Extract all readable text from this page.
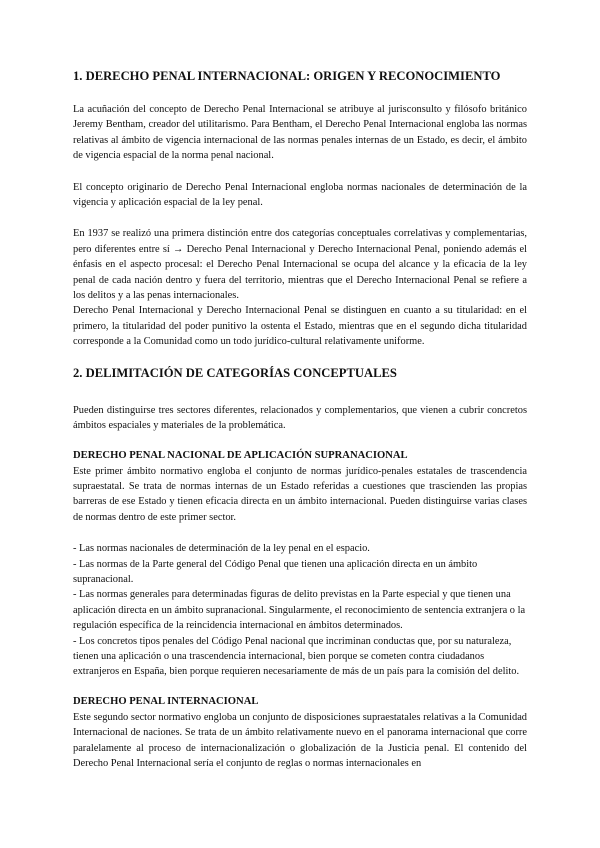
1. DERECHO PENAL INTERNACIONAL: ORIGEN Y RECONOCIMIENTO

La acuñación del concepto de Derecho Penal Internacional se atribuye al jurisconsulto y filósofo británico Jeremy Bentham, creador del utilitarismo. Para Bentham, el Derecho Penal Internacional engloba las normas relativas al ámbito de vigencia internacional de las normas penales internas de un Estado, es decir, el ámbito de vigencia espacial de la norma penal nacional.

El concepto originario de Derecho Penal Internacional engloba normas nacionales de determinación de la vigencia y aplicación espacial de la ley penal.

En 1937 se realizó una primera distinción entre dos categorías conceptuales correlativas y complementarias, pero diferentes entre sí → Derecho Penal Internacional y Derecho Internacional Penal, poniendo además el énfasis en el aspecto procesal: el Derecho Penal Internacional se ocupa del alcance y la eficacia de la ley penal de cada nación dentro y fuera del territorio, mientras que el Derecho Internacional Penal se refiere a los delitos y a las penas internacionales.

Derecho Penal Internacional y Derecho Internacional Penal se distinguen en cuanto a su titularidad: en el primero, la titularidad del poder punitivo la ostenta el Estado, mientras que en el segundo dicha titularidad corresponde a la Comunidad como un todo jurídico-cultural relativamente uniforme.

2. DELIMITACIÓN DE CATEGORÍAS CONCEPTUALES

Pueden distinguirse tres sectores diferentes, relacionados y complementarios, que vienen a cubrir concretos ámbitos espaciales y materiales de la problemática.

DERECHO PENAL NACIONAL DE APLICACIÓN SUPRANACIONAL

Este primer ámbito normativo engloba el conjunto de normas jurídico-penales estatales de trascendencia supraestatal. Se trata de normas internas de un Estado referidas a cuestiones que trascienden las propias barreras de ese Estado y tienen eficacia directa en un ámbito internacional. Pueden distinguirse varias clases de normas dentro de este primer sector.

- Las normas nacionales de determinación de la ley penal en el espacio.

- Las normas de la Parte general del Código Penal que tienen una aplicación directa en un ámbito supranacional.

- Las normas generales para determinadas figuras de delito previstas en la Parte especial y que tienen una aplicación directa en un ámbito supranacional. Singularmente, el reconocimiento de sentencia extranjera o la regulación específica de la reincidencia internacional en ámbitos determinados.

- Los concretos tipos penales del Código Penal nacional que incriminan conductas que, por su naturaleza, tienen una aplicación o una trascendencia internacional, bien porque se cometen contra ciudadanos extranjeros en España, bien porque requieren necesariamente de más de un país para la comisión del delito.

DERECHO PENAL INTERNACIONAL

Este segundo sector normativo engloba un conjunto de disposiciones supraestatales relativas a la Comunidad Internacional de naciones. Se trata de un ámbito relativamente nuevo en el panorama internacional que corre paralelamente al proceso de internacionalización o globalización de la Justicia penal. El contenido del Derecho Penal Internacional sería el conjunto de reglas o normas internacionales en
